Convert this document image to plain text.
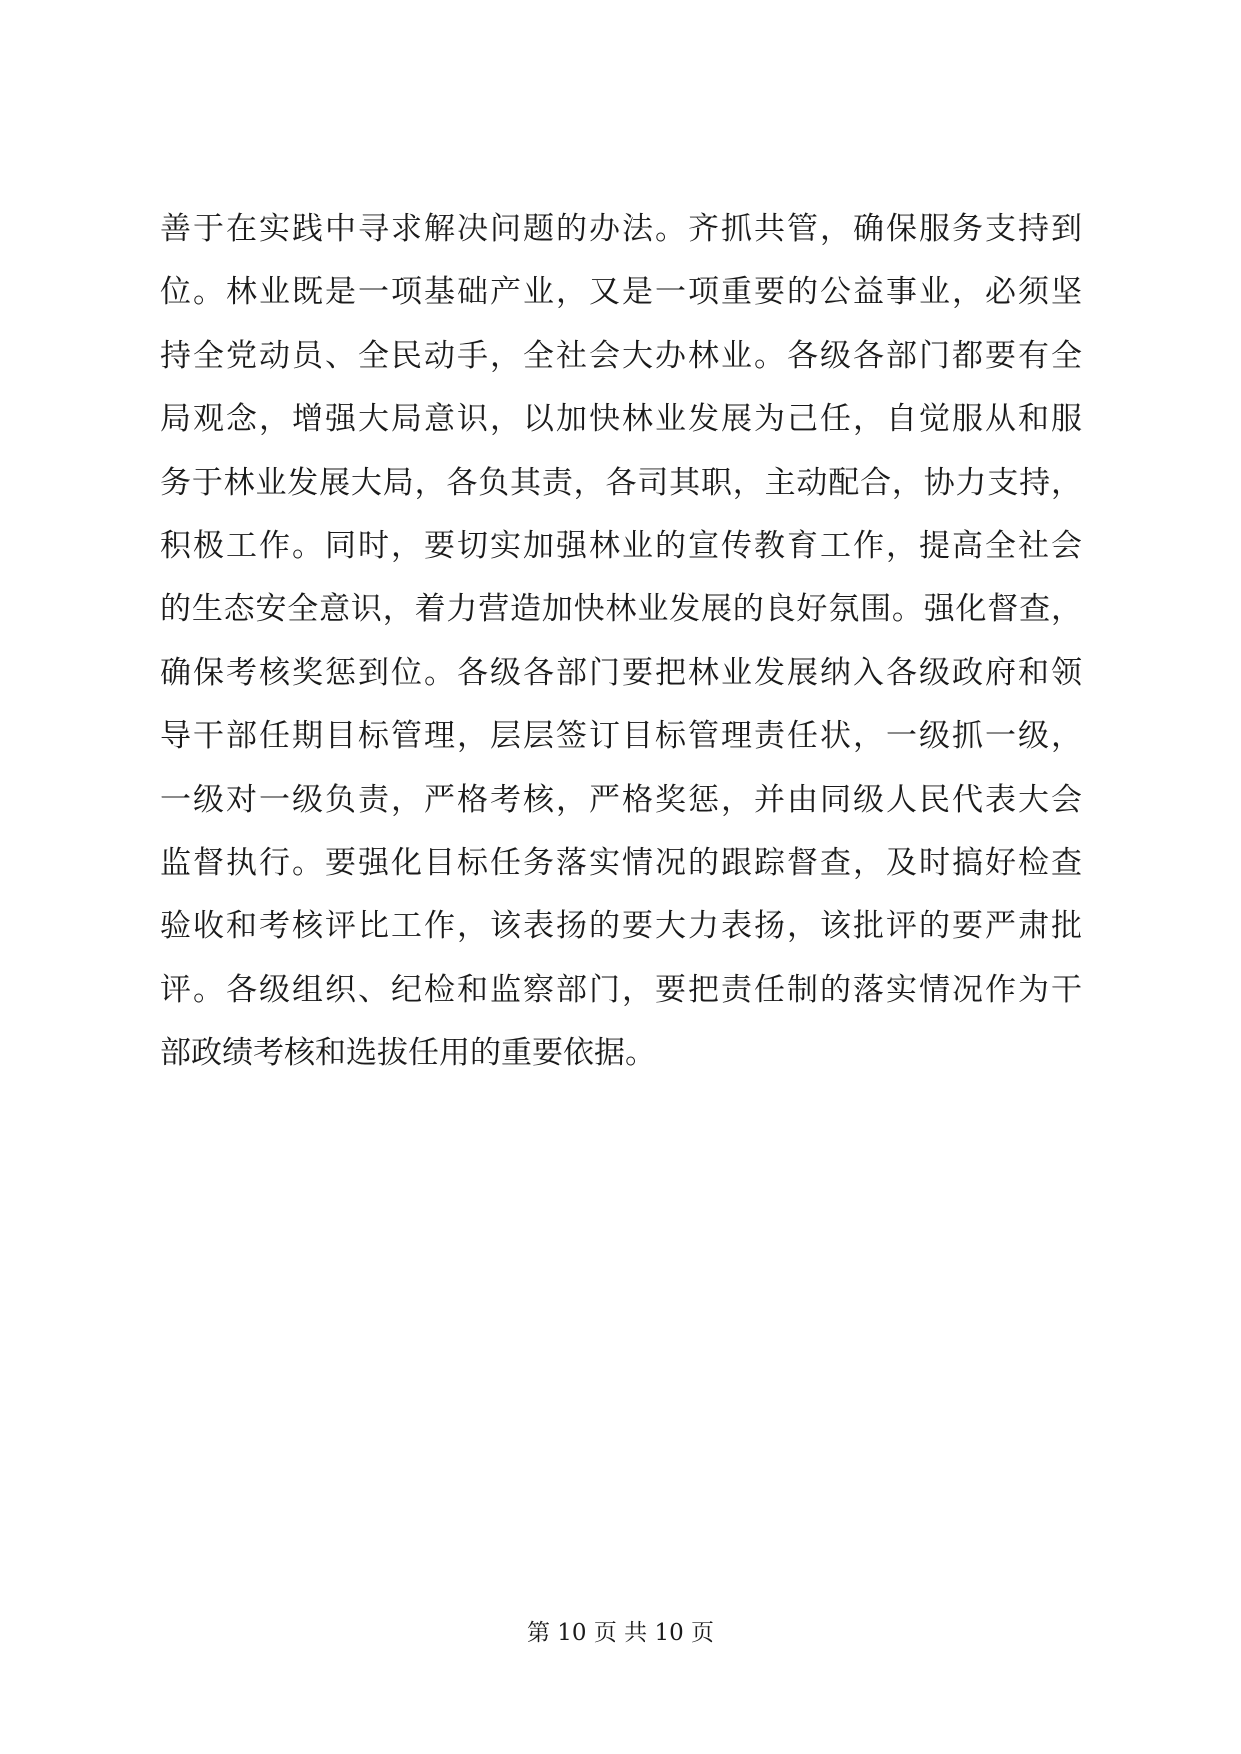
善于在实践中寻求解决问题的办法。齐抓共管，确保服务支持到
位。林业既是一项基础产业，又是一项重要的公益事业，必须坚
持全党动员、全民动手，全社会大办林业。各级各部门都要有全
局观念，增强大局意识，以加快林业发展为己任，自觉服从和服
务于林业发展大局，各负其责，各司其职，主动配合，协力支持，
积极工作。同时，要切实加强林业的宣传教育工作，提高全社会
的生态安全意识，着力营造加快林业发展的良好氛围。强化督查，
确保考核奖惩到位。各级各部门要把林业发展纳入各级政府和领
导干部任期目标管理，层层签订目标管理责任状，一级抓一级，
一级对一级负责，严格考核，严格奖惩，并由同级人民代表大会
监督执行。要强化目标任务落实情况的跟踪督查，及时搞好检查
验收和考核评比工作，该表扬的要大力表扬，该批评的要严肃批
评。各级组织、纪检和监察部门，要把责任制的落实情况作为干
部政绩考核和选拔任用的重要依据。
第 10 页 共 10 页
